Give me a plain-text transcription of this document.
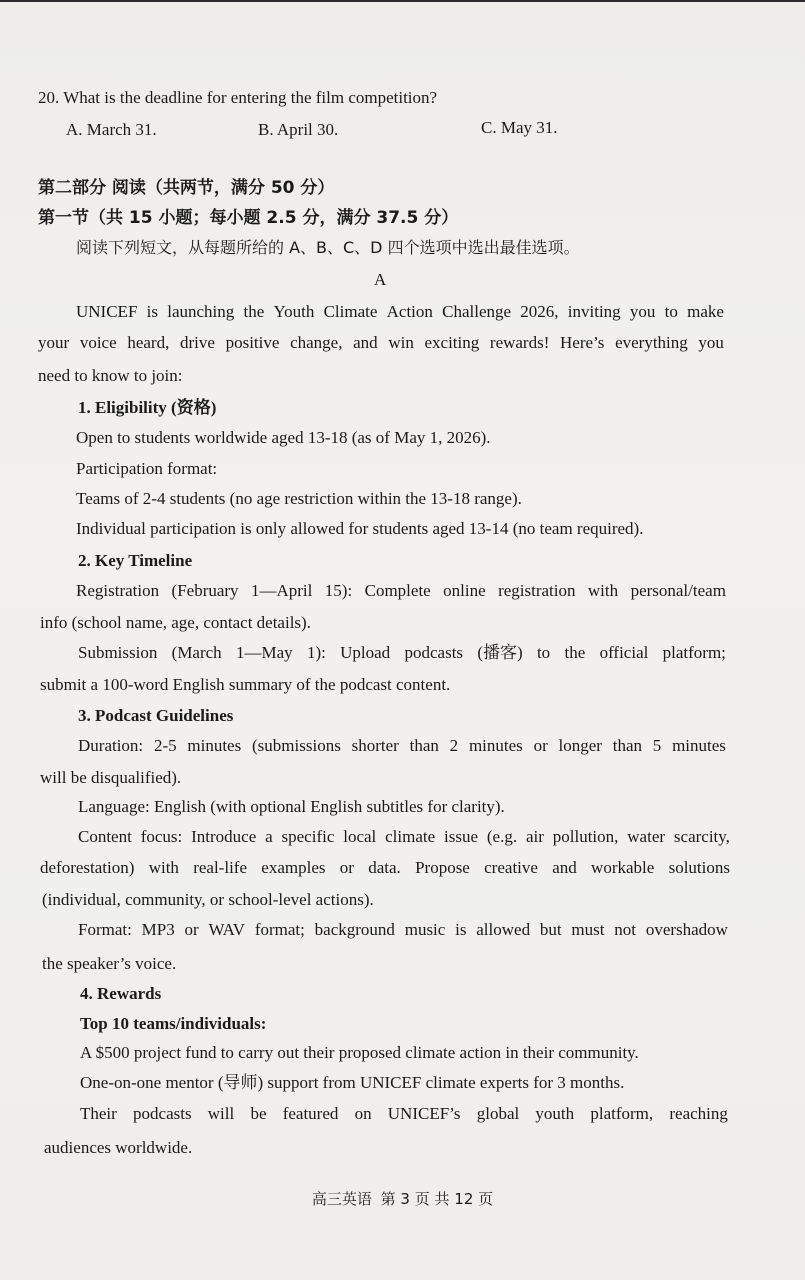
20. What is the deadline for entering the film competition?
A. March 31.	B. April 30.	C. May 31.
第二部分 阅读（共两节，满分 50 分）
第一节（共 15 小题；每小题 2.5 分，满分 37.5 分）
阅读下列短文，从每题所给的 A、B、C、D 四个选项中选出最佳选项。
A
UNICEF is launching the Youth Climate Action Challenge 2026, inviting you to make
your voice heard, drive positive change, and win exciting rewards! Here’s everything you
need to know to join:
1. Eligibility (资格)
Open to students worldwide aged 13-18 (as of May 1, 2026).
Participation format:
Teams of 2-4 students (no age restriction within the 13-18 range).
Individual participation is only allowed for students aged 13-14 (no team required).
2. Key Timeline
Registration (February 1—April 15): Complete online registration with personal/team
info (school name, age, contact details).
Submission (March 1—May 1): Upload podcasts (播客) to the official platform;
submit a 100-word English summary of the podcast content.
3. Podcast Guidelines
Duration: 2-5 minutes (submissions shorter than 2 minutes or longer than 5 minutes
will be disqualified).
Language: English (with optional English subtitles for clarity).
Content focus: Introduce a specific local climate issue (e.g. air pollution, water scarcity,
deforestation) with real-life examples or data. Propose creative and workable solutions
(individual, community, or school-level actions).
Format: MP3 or WAV format; background music is allowed but must not overshadow
the speaker’s voice.
4. Rewards
Top 10 teams/individuals:
A $500 project fund to carry out their proposed climate action in their community.
One-on-one mentor (导师) support from UNICEF climate experts for 3 months.
Their podcasts will be featured on UNICEF’s global youth platform, reaching
audiences worldwide.
高三英语 第 3 页 共 12 页
